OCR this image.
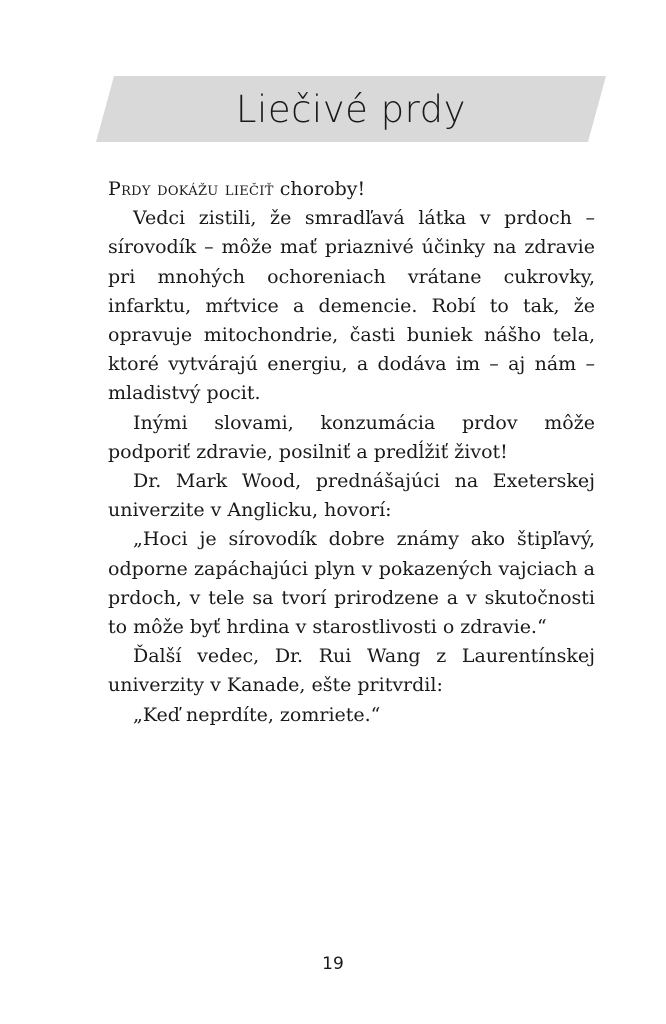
Liečivé prdy

Prdy dokážu liečiť choroby!

Vedci zistili, že smradľavá látka v prdoch – sírovodík – môže mať priaznivé účinky na zdravie pri mnohých ochoreniach vrátane cukrovky, infarktu, mŕtvice a demencie. Robí to tak, že opravuje mitochondrie, časti buniek nášho tela, ktoré vytvárajú energiu, a dodáva im – aj nám – mladistvý pocit.

Inými slovami, konzumácia prdov môže podporiť zdravie, posilniť a predĺžiť život!

Dr. Mark Wood, prednášajúci na Exeterskej univerzite v Anglicku, hovorí:

„Hoci je sírovodík dobre známy ako štipľavý, odporne zapáchajúci plyn v pokazených vajciach a prdoch, v tele sa tvorí prirodzene a v skutočnosti to môže byť hrdina v starostlivosti o zdravie.“

Ďalší vedec, Dr. Rui Wang z Laurentínskej univerzity v Kanade, ešte pritvrdil:

„Keď neprdíte, zomriete.“

19
